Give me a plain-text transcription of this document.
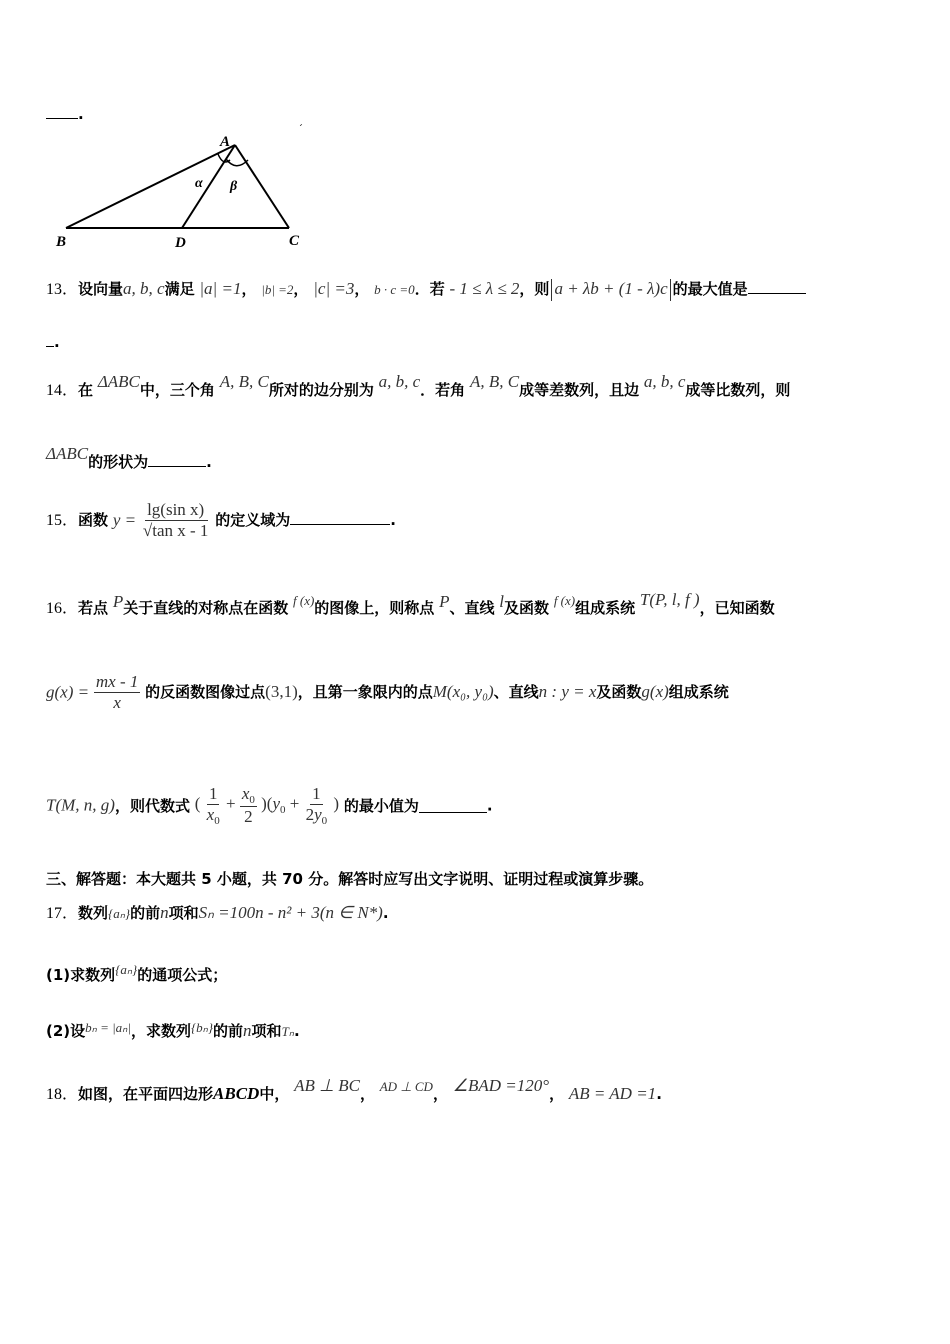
.
ˊ
A
B	D	C
α β
13．设向量a, b, c满足 |a| =1， |b| =2， |c| =3， b · c =0．若 - 1 ≤ λ ≤ 2，则 a + λb + (1 - λ)c 的最大值是
.
14．在 ΔABC中，三个角 A, B, C所对的边分别为 a, b, c．若角 A, B, C成等差数列，且边 a, b, c成等比数列，则
ΔABC的形状为	.
15．函数 $y = \frac{\text{lg(sin x)}}{\text{√tan x - 1}}$ 的定义域为	.
16．若点 P关于直线的对称点在函数 f (x)的图像上，则称点 P、直线 l及函数 f (x)组成系统 T(P, l, f )，已知函数
$g(x) = \frac{mx - 1}{x}$ 的反函数图像过点(3,1)，且第一象限内的点M(x₀, y₀)、直线n : y = x及函数g(x)组成系统
T(M, n, g)，则代数式 ( $\frac{1}{x_0} + \frac{x_0}{2} )(y_0 + \frac{1}{2y_0}$ ) 的最小值为	.
三、解答题：本大题共 5 小题，共 70 分。解答时应写出文字说明、证明过程或演算步骤。
17．数列{aₙ}的前n项和Sₙ =100n - n² + 3(n ∈ N*).
(1)求数列{aₙ}的通项公式；
(2)设bₙ = |aₙ|，求数列{bₙ}的前n项和Tₙ.
18．如图，在平面四边形ABCD中， AB ⊥ BC， AD ⊥ CD， ∠BAD =120°， AB = AD =1.
